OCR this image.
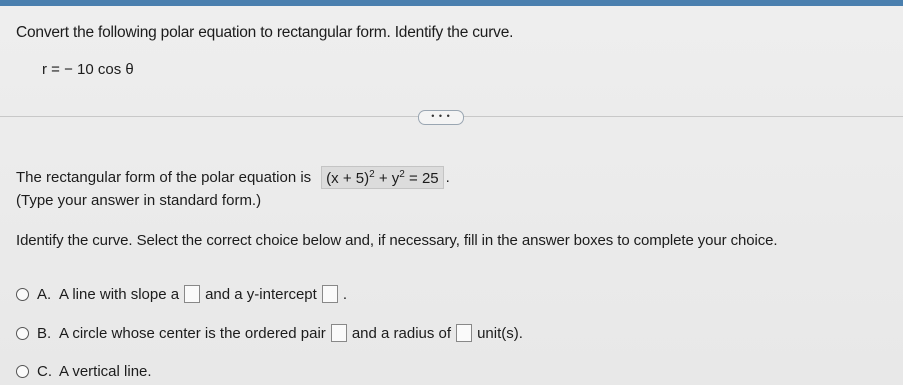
Convert the following polar equation to rectangular form. Identify the curve.
r = − 10 cos θ
• • •
The rectangular form of the polar equation is	$(x + 5)^2 + y^2 = 25$ .
(Type your answer in standard form.)
Identify the curve. Select the correct choice below and, if necessary, fill in the answer boxes to complete your choice.
A. A line with slope a and a y-intercept .
B. A circle whose center is the ordered pair and a radius of unit(s).
C. A vertical line.
